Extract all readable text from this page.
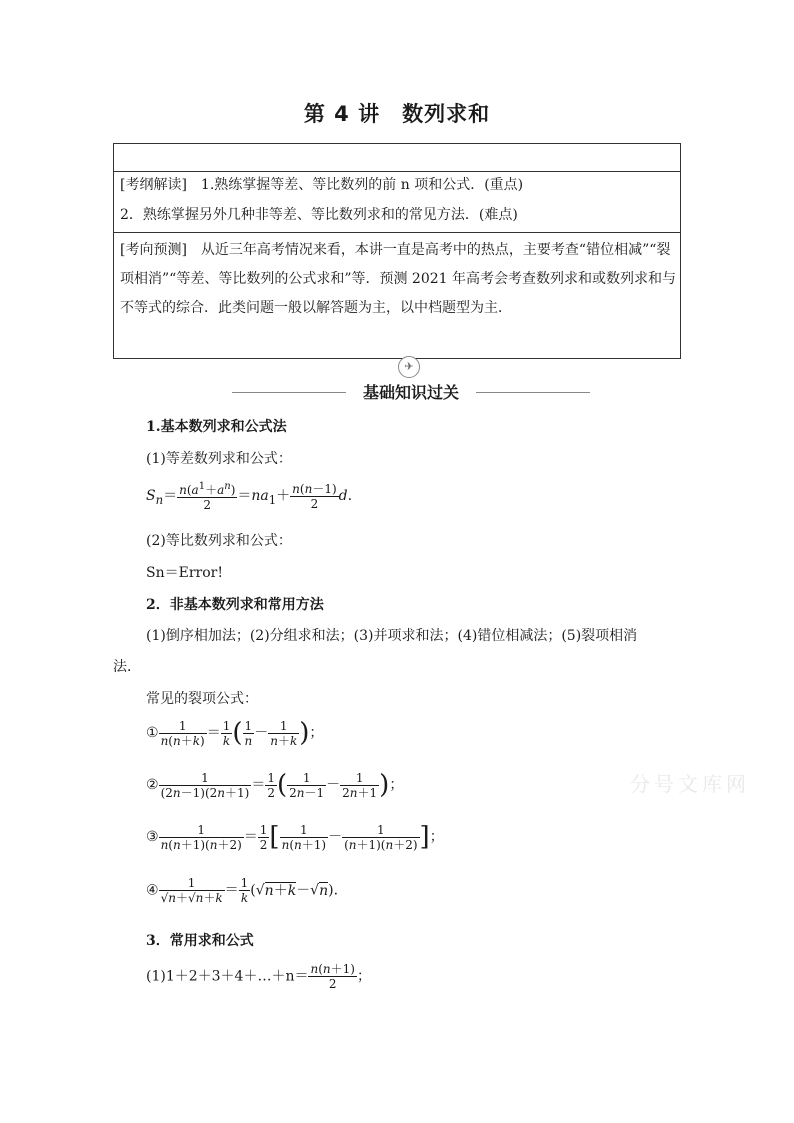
第 4 讲　数列求和
[考纲解读]　1.熟练掌握等差、等比数列的前 n 项和公式．(重点)
2．熟练掌握另外几种非等差、等比数列求和的常见方法．(难点)
[考向预测]　从近三年高考情况来看，本讲一直是高考中的热点，主要考查“错位相减”“裂项相消”“等差、等比数列的公式求和”等．预测 2021 年高考会考查数列求和或数列求和与不等式的综合．此类问题一般以解答题为主，以中档题型为主．
✈
基础知识过关
1.基本数列求和公式法
(1)等差数列求和公式：
$S_n= \frac{n(a^1+a^n)}{2} =na_1+ \frac{n(n-1)}{2} d$.
(2)等比数列求和公式：
Sn＝Error!
2．非基本数列求和常用方法
(1)倒序相加法；(2)分组求和法；(3)并项求和法；(4)错位相减法；(5)裂项相消
法．
常见的裂项公式：
① $\frac{1}{n(n+k)} = \frac{1}{k}$ ( $\frac{1}{n} - \frac{1}{n+k}$ )；
② $\frac{1}{(2n-1)(2n+1)} = \frac{1}{2}$ ( $\frac{1}{2n-1} - \frac{1}{2n+1}$ )；
③ $\frac{1}{n(n+1)(n+2)} = \frac{1}{2}$ [ $\frac{1}{n(n+1)} - \frac{1}{(n+1)(n+2)}$ ]；
④ $\frac{1}{√n+√n+k} = \frac{1}{k} (√n+k-√n)$.
3．常用求和公式
(1)1＋2＋3＋4＋…＋n＝ $\frac{n(n+1)}{2}$ ；
分号文库网
